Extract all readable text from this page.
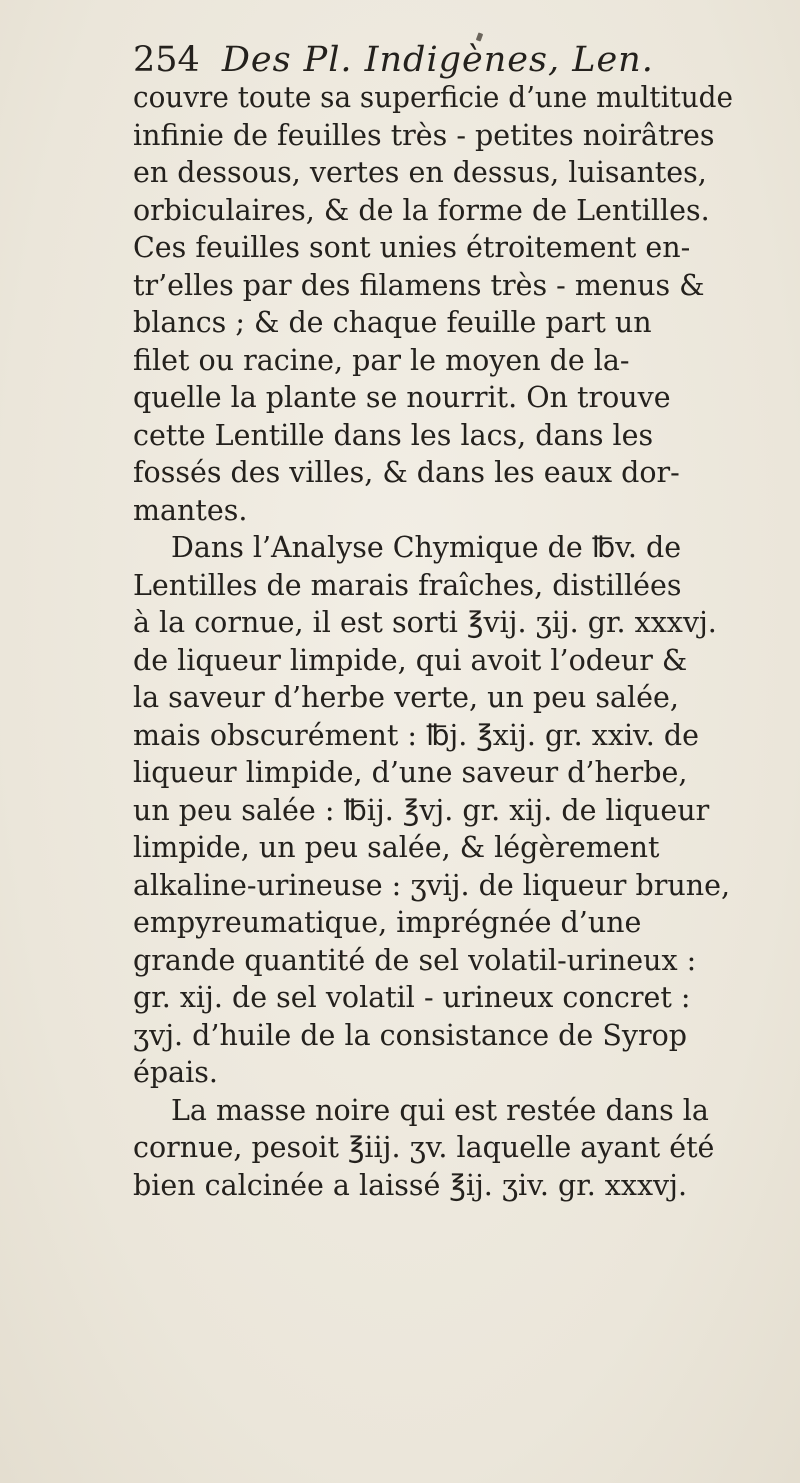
254 Des Pl. Indigènes, Len.
couvre toute sa superficie d’une multitude
infinie de feuilles très - petites noirâtres
en dessous, vertes en dessus, luisantes,
orbiculaires, & de la forme de Lentilles.
Ces feuilles sont unies étroitement en-
tr’elles par des filamens très - menus &
blancs ; & de chaque feuille part un
filet ou racine, par le moyen de la-
quelle la plante se nourrit. On trouve
cette Lentille dans les lacs, dans les
fossés des villes, & dans les eaux dor-
mantes.
Dans l’Analyse Chymique de ℔v. de
Lentilles de marais fraîches, distillées
à la cornue, il est sorti ℥vij. ʒij. gr. xxxvj.
de liqueur limpide, qui avoit l’odeur &
la saveur d’herbe verte, un peu salée,
mais obscurément : ℔j. ℥xij. gr. xxiv. de
liqueur limpide, d’une saveur d’herbe,
un peu salée : ℔ij. ℥vj. gr. xij. de liqueur
limpide, un peu salée, & légèrement
alkaline-urineuse : ʒvij. de liqueur brune,
empyreumatique, imprégnée d’une
grande quantité de sel volatil-urineux :
gr. xij. de sel volatil - urineux concret :
ʒvj. d’huile de la consistance de Syrop
épais.
La masse noire qui est restée dans la
cornue, pesoit ℥iij. ʒv. laquelle ayant été
bien calcinée a laissé ℥ij. ʒiv. gr. xxxvj.
